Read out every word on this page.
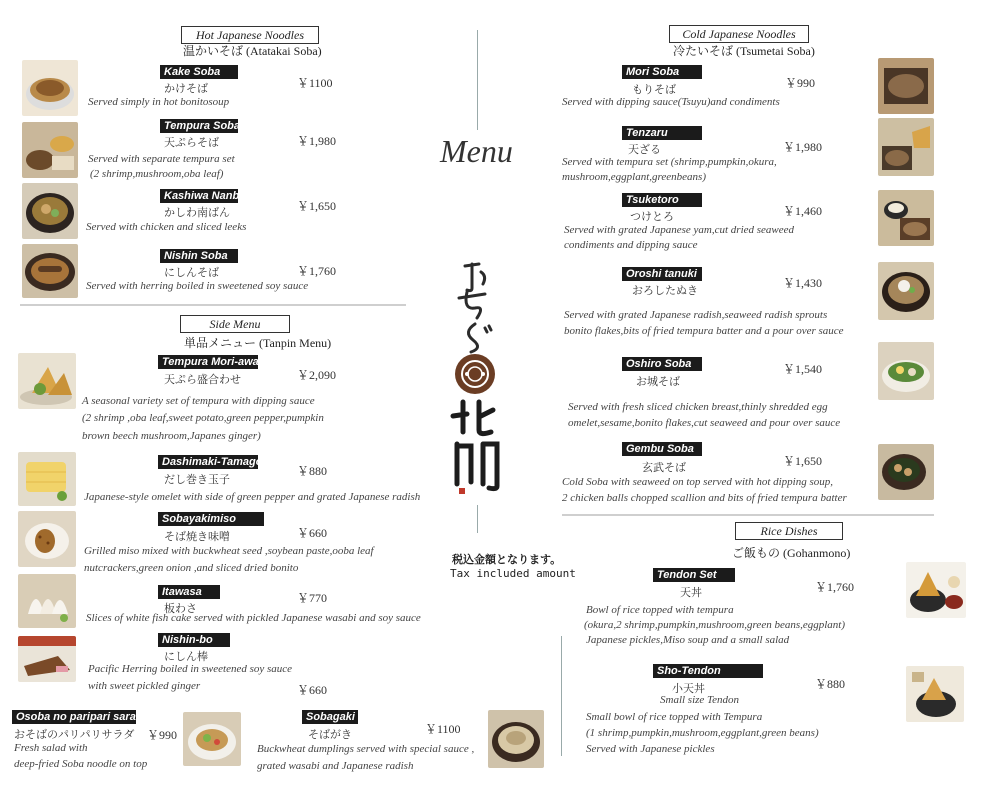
Hot Japanese Noodles
温かいそば (Atatakai Soba)
Kake Soba
かけそば	￥1100
Served simply in hot bonitosoup
Tempura Soba
天ぷらそば	￥1,980
Served with separate tempura set
(2 shrimp,mushroom,oba leaf)
Kashiwa Nanban
かしわ南ばん	￥1,650
Served with chicken and sliced leeks
Nishin Soba
にしんそば	￥1,760
Served with herring boiled in sweetened soy sauce
Side Menu
単品メニュー (Tanpin Menu)
Tempura Mori-awase
天ぷら盛合わせ	￥2,090
A seasonal variety set of tempura with dipping sauce
(2 shrimp ,oba leaf,sweet potato,green pepper,pumpkin
brown beech mushroom,Japanes ginger)
Dashimaki-Tamago
だし巻き玉子
￥880
Japanese-style omelet with side of green pepper and grated Japanese radish
Sobayakimiso
そば焼き味噌	￥660
Grilled miso mixed with buckwheat seed ,soybean paste,ooba leaf
nutcrackers,green onion ,and sliced dried bonito
Itawasa
板わさ
￥770
Slices of white fish cake served with pickled Japanese wasabi and soy sauce
Nishin-bo
にしん棒
Pacific Herring boiled in sweetened soy sauce
with sweet pickled ginger	￥660
Osoba no paripari sarada
おそばのパリパリサラダ ￥990
Fresh salad with
deep-fried Soba noodle on top
Sobagaki
そばがき	￥1100
Buckwheat dumplings served with special sauce ,
grated wasabi and Japanese radish
Menu
税込金額となります。
Tax included amount
Cold Japanese Noodles
冷たいそば (Tsumetai Soba)
Mori Soba
もりそば	￥990
Served with dipping sauce(Tsuyu)and condiments
Tenzaru
天ざる	￥1,980
Served with tempura set (shrimp,pumpkin,okura,
mushroom,eggplant,greenbeans)
Tsuketoro
つけとろ	￥1,460
Served with grated Japanese yam,cut dried seaweed
condiments and dipping sauce
Oroshi tanuki
おろしたぬき
￥1,430
Served with grated Japanese radish,seaweed radish sprouts
bonito flakes,bits of fried tempura batter and a pour over sauce
Oshiro Soba
お城そば
￥1,540
Served with fresh sliced chicken breast,thinly shredded egg
omelet,sesame,bonito flakes,cut seaweed and pour over sauce
Gembu Soba
玄武そば	￥1,650
Cold Soba with seaweed on top served with hot dipping soup,
2 chicken balls chopped scallion and bits of fried tempura batter
Rice Dishes
ご飯もの (Gohanmono)
Tendon Set
天丼	￥1,760
Bowl of rice topped with tempura
(okura,2 shrimp,pumpkin,mushroom,green beans,eggplant)
Japanese pickles,Miso soup and a small salad
Sho-Tendon
小天丼
Small size Tendon
￥880
Small bowl of rice topped with Tempura
(1 shrimp,pumpkin,mushroom,eggplant,green beans)
Served with Japanese pickles
